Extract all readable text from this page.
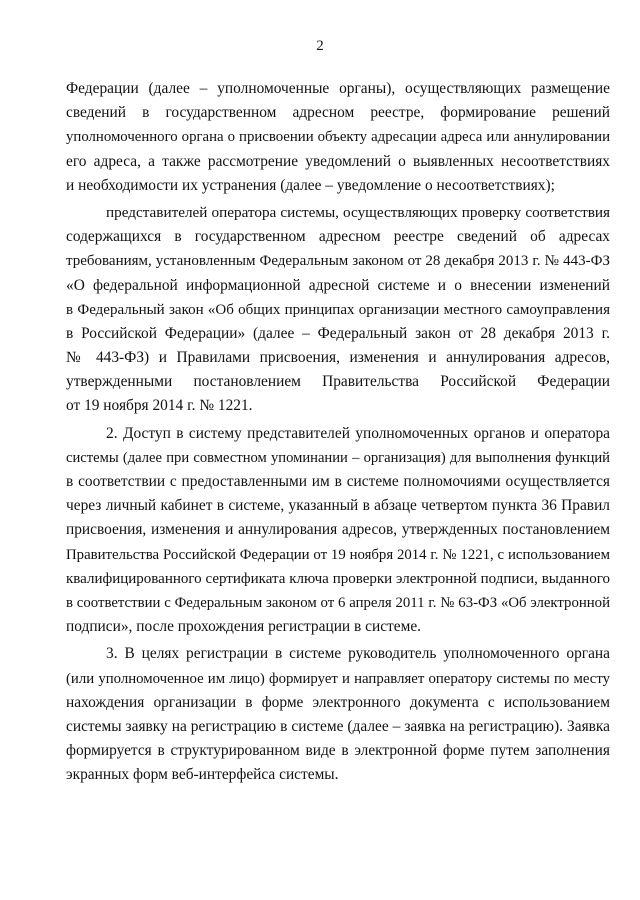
2
Федерации (далее – уполномоченные органы), осуществляющих размещение
сведений в государственном адресном реестре, формирование решений
уполномоченного органа о присвоении объекту адресации адреса или аннулировании
его адреса, а также рассмотрение уведомлений о выявленных несоответствиях
и необходимости их устранения (далее – уведомление о несоответствиях);
представителей оператора системы, осуществляющих проверку соответствия
содержащихся в государственном адресном реестре сведений об адресах
требованиям, установленным Федеральным законом от 28 декабря 2013 г. № 443-ФЗ
«О федеральной информационной адресной системе и о внесении изменений
в Федеральный закон «Об общих принципах организации местного самоуправления
в Российской Федерации» (далее – Федеральный закон от 28 декабря 2013 г.
№ 443-ФЗ) и Правилами присвоения, изменения и аннулирования адресов,
утвержденными постановлением Правительства Российской Федерации
от 19 ноября 2014 г. № 1221.
2. Доступ в систему представителей уполномоченных органов и оператора
системы (далее при совместном упоминании – организация) для выполнения функций
в соответствии с предоставленными им в системе полномочиями осуществляется
через личный кабинет в системе, указанный в абзаце четвертом пункта 36 Правил
присвоения, изменения и аннулирования адресов, утвержденных постановлением
Правительства Российской Федерации от 19 ноября 2014 г. № 1221, с использованием
квалифицированного сертификата ключа проверки электронной подписи, выданного
в соответствии с Федеральным законом от 6 апреля 2011 г. № 63-ФЗ «Об электронной
подписи», после прохождения регистрации в системе.
3. В целях регистрации в системе руководитель уполномоченного органа
(или уполномоченное им лицо) формирует и направляет оператору системы по месту
нахождения организации в форме электронного документа с использованием
системы заявку на регистрацию в системе (далее – заявка на регистрацию). Заявка
формируется в структурированном виде в электронной форме путем заполнения
экранных форм веб-интерфейса системы.
